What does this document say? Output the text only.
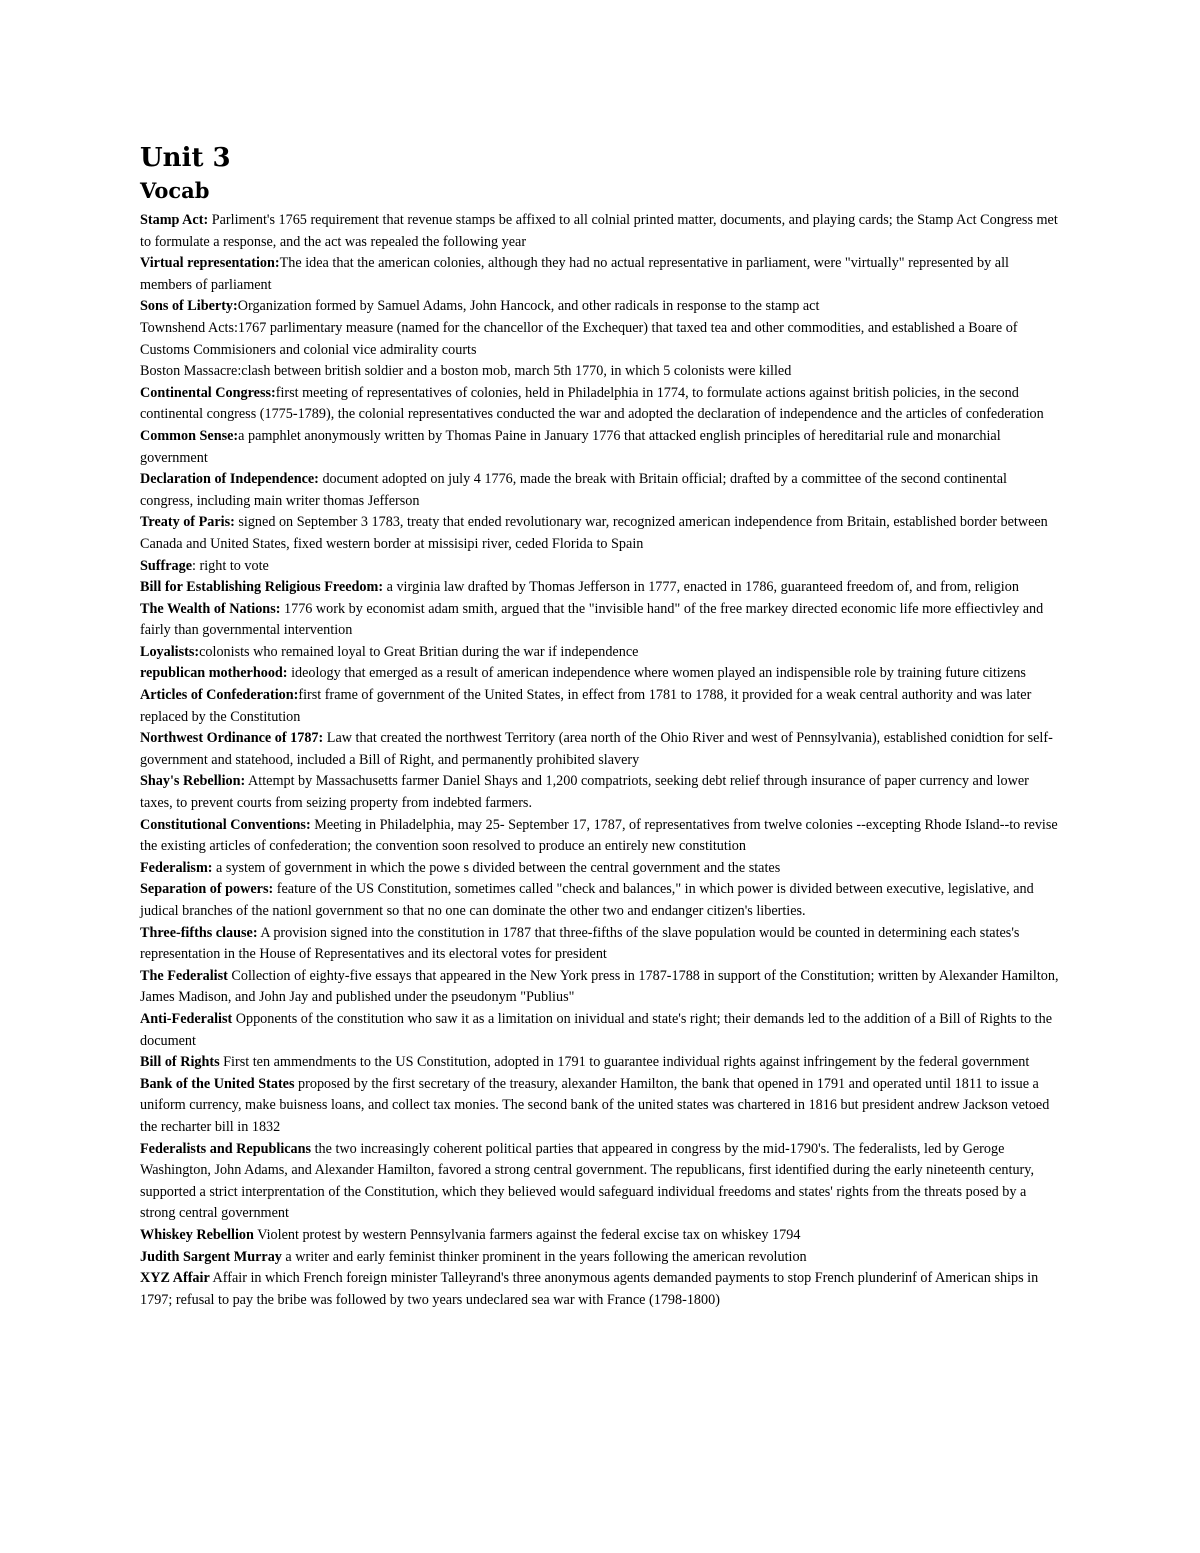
Unit 3
Vocab

Stamp Act: Parliment's 1765 requirement that revenue stamps be affixed to all colnial printed matter, documents, and playing cards; the Stamp Act Congress met to formulate a response, and the act was repealed the following year

Virtual representation:The idea that the american colonies, although they had no actual representative in parliament, were "virtually" represented by all members of parliament

Sons of Liberty:Organization formed by Samuel Adams, John Hancock, and other radicals in response to the stamp act

Townshend Acts:1767 parlimentary measure (named for the chancellor of the Exchequer) that taxed tea and other commodities, and established a Boare of Customs Commisioners and colonial vice admirality courts

Boston Massacre:clash between british soldier and a boston mob, march 5th 1770, in which 5 colonists were killed

Continental Congress:first meeting of representatives of colonies, held in Philadelphia in 1774, to formulate actions against british policies, in the second continental congress (1775-1789), the colonial representatives conducted the war and adopted the declaration of independence and the articles of confederation

Common Sense:a pamphlet anonymously written by Thomas Paine in January 1776 that attacked english principles of hereditarial rule and monarchial government

Declaration of Independence: document adopted on july 4 1776, made the break with Britain official; drafted by a committee of the second continental congress, including main writer thomas Jefferson

Treaty of Paris: signed on September 3 1783, treaty that ended revolutionary war, recognized american independence from Britain, established border between Canada and United States, fixed western border at missisipi river, ceded Florida to Spain

Suffrage: right to vote

Bill for Establishing Religious Freedom: a virginia law drafted by Thomas Jefferson in 1777, enacted in 1786, guaranteed freedom of, and from, religion

The Wealth of Nations: 1776 work by economist adam smith, argued that the "invisible hand" of the free markey directed economic life more effiectivley and fairly than governmental intervention

Loyalists:colonists who remained loyal to Great Britian during the war if independence

republican motherhood: ideology that emerged as a result of american independence where women played an indispensible role by training future citizens

Articles of Confederation:first frame of government of the United States, in effect from 1781 to 1788, it provided for a weak central authority and was later replaced by the Constitution

Northwest Ordinance of 1787: Law that created the northwest Territory (area north of the Ohio River and west of Pennsylvania), established conidtion for self-government and statehood, included a Bill of Right, and permanently prohibited slavery

Shay's Rebellion: Attempt by Massachusetts farmer Daniel Shays and 1,200 compatriots, seeking debt relief through insurance of paper currency and lower taxes, to prevent courts from seizing property from indebted farmers.

Constitutional Conventions: Meeting in Philadelphia, may 25- September 17, 1787, of representatives from twelve colonies --excepting Rhode Island--to revise the existing articles of confederation; the convention soon resolved to produce an entirely new constitution

Federalism: a system of government in which the powe s divided between the central government and the states

Separation of powers: feature of the US Constitution, sometimes called "check and balances," in which power is divided between executive, legislative, and judical branches of the nationl government so that no one can dominate the other two and endanger citizen's liberties.

Three-fifths clause: A provision signed into the constitution in 1787 that three-fifths of the slave population would be counted in determining each states's representation in the House of Representatives and its electoral votes for president

The Federalist Collection of eighty-five essays that appeared in the New York press in 1787-1788 in support of the Constitution; written by Alexander Hamilton, James Madison, and John Jay and published under the pseudonym "Publius"

Anti-Federalist Opponents of the constitution who saw it as a limitation on inividual and state's right; their demands led to the addition of a Bill of Rights to the document

Bill of Rights First ten ammendments to the US Constitution, adopted in 1791 to guarantee individual rights against infringement by the federal government

Bank of the United States proposed by the first secretary of the treasury, alexander Hamilton, the bank that opened in 1791 and operated until 1811 to issue a uniform currency, make buisness loans, and collect tax monies. The second bank of the united states was chartered in 1816 but president andrew Jackson vetoed the recharter bill in 1832

Federalists and Republicans the two increasingly coherent political parties that appeared in congress by the mid-1790's. The federalists, led by Geroge Washington, John Adams, and Alexander Hamilton, favored a strong central government. The republicans, first identified during the early nineteenth century, supported a strict interprentation of the Constitution, which they believed would safeguard individual freedoms and states' rights from the threats posed by a strong central government

Whiskey Rebellion Violent protest by western Pennsylvania farmers against the federal excise tax on whiskey 1794

Judith Sargent Murray a writer and early feminist thinker prominent in the years following the american revolution

XYZ Affair Affair in which French foreign minister Talleyrand's three anonymous agents demanded payments to stop French plunderinf of American ships in 1797; refusal to pay the bribe was followed by two years undeclared sea war with France (1798-1800)
